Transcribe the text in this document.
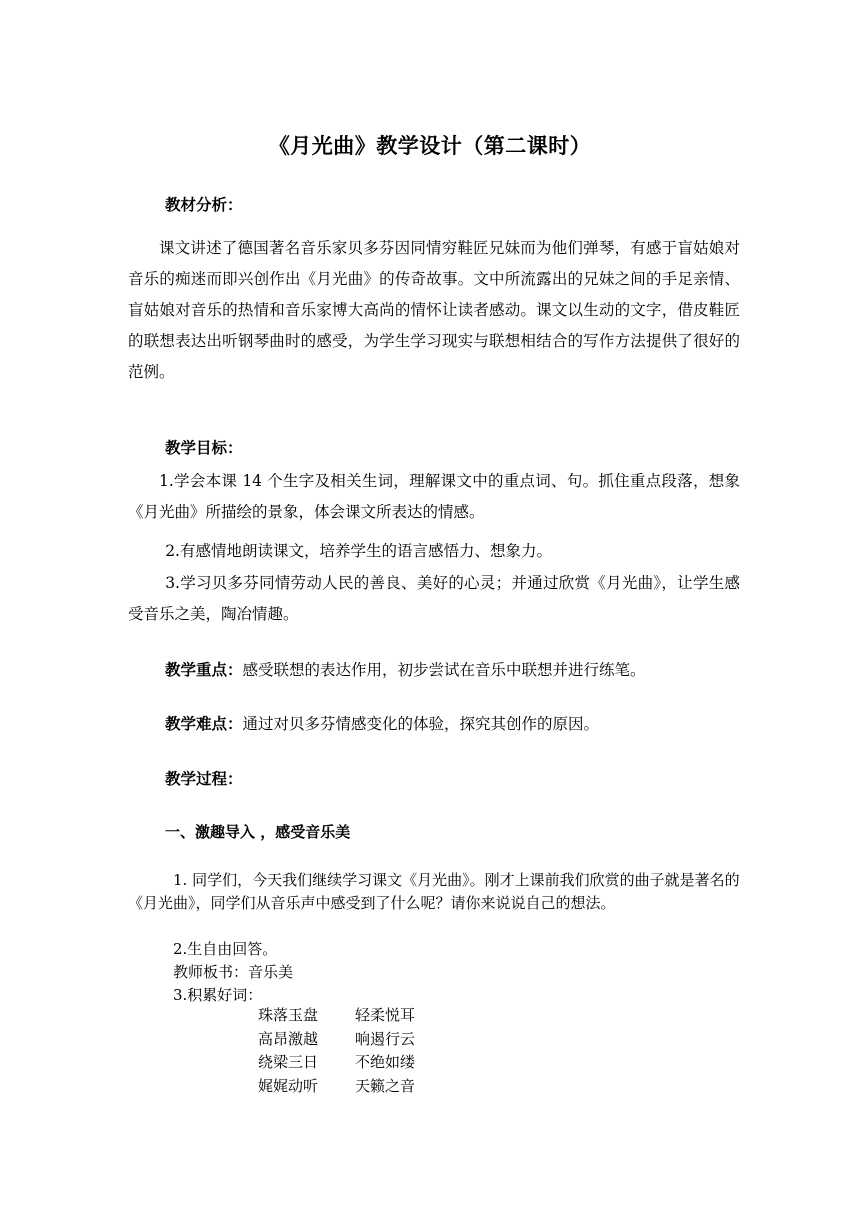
《月光曲》教学设计（第二课时）

教材分析：

课文讲述了德国著名音乐家贝多芬因同情穷鞋匠兄妹而为他们弹琴，有感于盲姑娘对音乐的痴迷而即兴创作出《月光曲》的传奇故事。文中所流露出的兄妹之间的手足亲情、盲姑娘对音乐的热情和音乐家博大高尚的情怀让读者感动。课文以生动的文字，借皮鞋匠的联想表达出听钢琴曲时的感受，为学生学习现实与联想相结合的写作方法提供了很好的范例。

教学目标：

1.学会本课 14 个生字及相关生词，理解课文中的重点词、句。抓住重点段落，想象《月光曲》所描绘的景象，体会课文所表达的情感。

2.有感情地朗读课文，培养学生的语言感悟力、想象力。

3.学习贝多芬同情劳动人民的善良、美好的心灵；并通过欣赏《月光曲》，让学生感受音乐之美，陶冶情趣。

教学重点：感受联想的表达作用，初步尝试在音乐中联想并进行练笔。

教学难点：通过对贝多芬情感变化的体验，探究其创作的原因。

教学过程：

一、激趣导入 ，感受音乐美

1. 同学们，今天我们继续学习课文《月光曲》。刚才上课前我们欣赏的曲子就是著名的《月光曲》，同学们从音乐声中感受到了什么呢？请你来说说自己的想法。

2.生自由回答。

教师板书：音乐美

3.积累好词：

珠落玉盘	轻柔悦耳
高昂激越	响遏行云
绕梁三日	不绝如缕
娓娓动听	天籁之音
